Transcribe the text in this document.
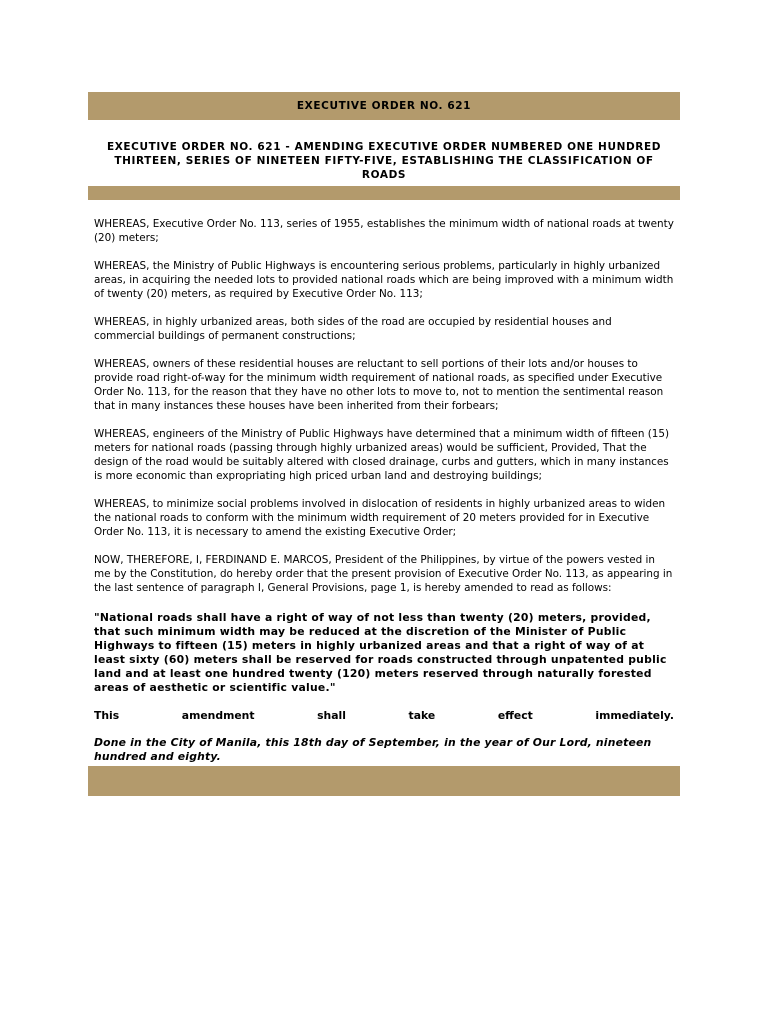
EXECUTIVE ORDER NO. 621
EXECUTIVE ORDER NO. 621 - AMENDING EXECUTIVE ORDER NUMBERED ONE HUNDRED THIRTEEN, SERIES OF NINETEEN FIFTY-FIVE, ESTABLISHING THE CLASSIFICATION OF ROADS

WHEREAS, Executive Order No. 113, series of 1955, establishes the minimum width of national roads at twenty (20) meters;

WHEREAS, the Ministry of Public Highways is encountering serious problems, particularly in highly urbanized areas, in acquiring the needed lots to provided national roads which are being improved with a minimum width of twenty (20) meters, as required by Executive Order No. 113;

WHEREAS, in highly urbanized areas, both sides of the road are occupied by residential houses and commercial buildings of permanent constructions;

WHEREAS, owners of these residential houses are reluctant to sell portions of their lots and/or houses to provide road right-of-way for the minimum width requirement of national roads, as specified under Executive Order No. 113, for the reason that they have no other lots to move to, not to mention the sentimental reason that in many instances these houses have been inherited from their forbears;

WHEREAS, engineers of the Ministry of Public Highways have determined that a minimum width of fifteen (15) meters for national roads (passing through highly urbanized areas) would be sufficient, Provided, That the design of the road would be suitably altered with closed drainage, curbs and gutters, which in many instances is more economic than expropriating high priced urban land and destroying buildings;

WHEREAS, to minimize social problems involved in dislocation of residents in highly urbanized areas to widen the national roads to conform with the minimum width requirement of 20 meters provided for in Executive Order No. 113, it is necessary to amend the existing Executive Order;

NOW, THEREFORE, I, FERDINAND E. MARCOS, President of the Philippines, by virtue of the powers vested in me by the Constitution, do hereby order that the present provision of Executive Order No. 113, as appearing in the last sentence of paragraph I, General Provisions, page 1, is hereby amended to read as follows:

"National roads shall have a right of way of not less than twenty (20) meters, provided, that such minimum width may be reduced at the discretion of the Minister of Public Highways to fifteen (15) meters in highly urbanized areas and that a right of way of at least sixty (60) meters shall be reserved for roads constructed through unpatented public land and at least one hundred twenty (120) meters reserved through naturally forested areas of aesthetic or scientific value."

This	amendment	shall	take	effect	immediately.

Done in the City of Manila, this 18th day of September, in the year of Our Lord, nineteen hundred and eighty.
